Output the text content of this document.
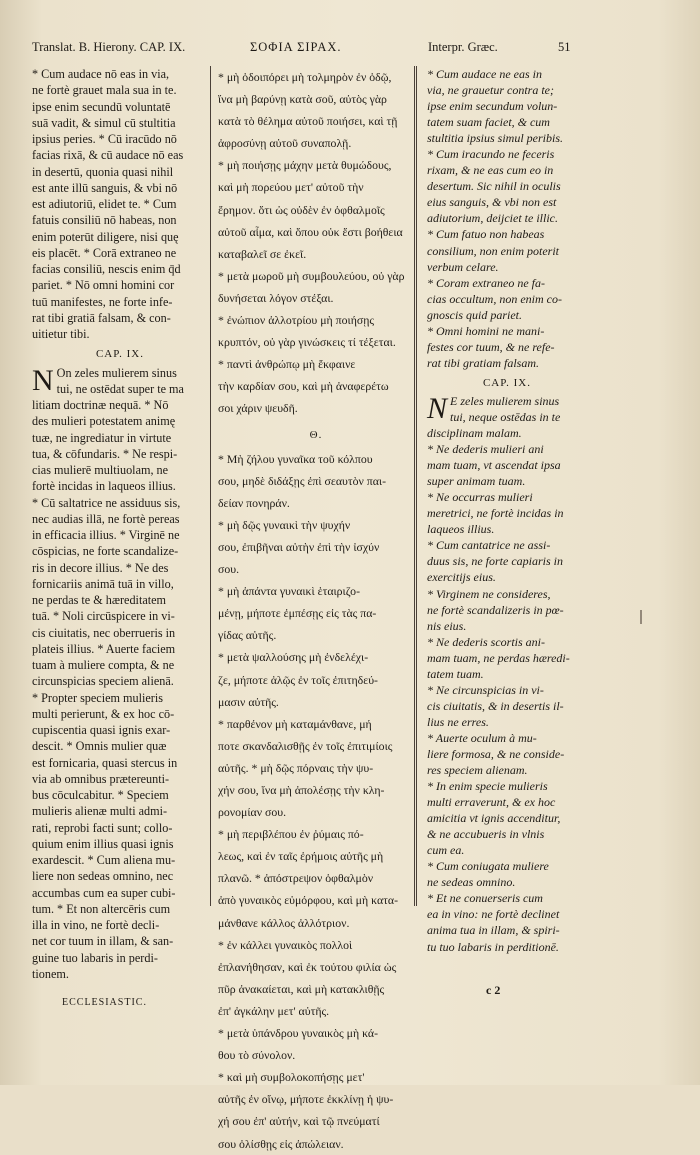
Translat. B. Hierony. CAP. IX.	ΣΟΦΙΑ ΣΙΡΑΧ.	Interpr. Græc.	51
* Cum audace nō eas in via,
ne fortè grauet mala sua in te.
ipse enim secundū voluntatē
suā vadit, & simul cū stultitia
ipsius peries. * Cū iracūdo nō
facias rixā, & cū audace nō eas
in desertū, quonia quasi nihil
est ante illū sanguis, & vbi nō
est adiutoriū, elidet te. * Cum
fatuis consiliū nō habeas, non
enim poterūt diligere, nisi quę
eis placēt. * Corā extraneo ne
facias consiliū, nescis enim q̄d
pariet. * Nō omni homini cor
tuū manifestes, ne forte infe-
rat tibi gratiā falsam, & con-
uitietur tibi.
CAP. IX.
N On zeles mulierem sinus
tui, ne ostēdat super te ma
litiam doctrinæ nequā. * Nō
des mulieri potestatem animę
tuæ, ne ingrediatur in virtute
tua, & cōfundaris. * Ne respi-
cias mulierē multiuolam, ne
fortè incidas in laqueos illius.
* Cū saltatrice ne assiduus sis,
nec audias illā, ne fortè pereas
in efficacia illius. * Virginē ne
cōspicias, ne forte scandalize-
ris in decore illius. * Ne des
fornicariis animā tuā in villo,
ne perdas te & hæreditatem
tuā. * Noli circūspicere in vi-
cis ciuitatis, nec oberrueris in
plateis illius. * Auerte faciem
tuam à muliere compta, & ne
circunspicias speciem alienā.
* Propter speciem mulieris
multi perierunt, & ex hoc cō-
cupiscentia quasi ignis exar-
descit. * Omnis mulier quæ
est fornicaria, quasi stercus in
via ab omnibus prætereunti-
bus cōculcabitur. * Speciem
mulieris alienæ multi admi-
rati, reprobi facti sunt; collo-
quium enim illius quasi ignis
exardescit. * Cum aliena mu-
liere non sedeas omnino, nec
accumbas cum ea super cubi-
tum. * Et non altercēris cum
illa in vino, ne fortè decli-
net cor tuum in illam, & san-
guine tuo labaris in perdi-
tionem.
* μὴ ὁδοιπόρει μὴ τολμηρὸν ἐν ὁδῷ,
ἵνα μὴ βαρύνῃ κατὰ σοῦ, αὐτὸς γὰρ
κατὰ τὸ θέλημα αὐτοῦ ποιήσει, καὶ τῇ
ἀφροσύνῃ αὐτοῦ συναπολῇ.
* μὴ ποιήσῃς μάχην μετὰ θυμώδους,
καὶ μὴ πορεύου μετ' αὐτοῦ τὴν
ἔρημον. ὅτι ὡς οὐδὲν ἐν ὀφθαλμοῖς
αὐτοῦ αἷμα, καὶ ὅπου οὐκ ἔστι βοήθεια
καταβαλεῖ σε ἐκεῖ.
* μετὰ μωροῦ μὴ συμβουλεύου, οὐ γὰρ
δυνήσεται λόγον στέξαι.
* ἐνώπιον ἀλλοτρίου μὴ ποιήσῃς
κρυπτόν, οὐ γὰρ γινώσκεις τί τέξεται.
* παντὶ ἀνθρώπῳ μὴ ἔκφαινε
τὴν καρδίαν σου, καὶ μὴ ἀναφερέτω
σοι χάριν ψευδῆ.
Θ.
* Μὴ ζήλου γυναῖκα τοῦ κόλπου
σου, μηδὲ διδάξῃς ἐπὶ σεαυτὸν παι-
δείαν πονηράν.
* μὴ δῷς γυναικὶ τὴν ψυχήν
σου, ἐπιβῆναι αὐτὴν ἐπὶ τὴν ἰσχύν
σου.
* μὴ ἀπάντα γυναικὶ ἑταιριζο-
μένῃ, μήποτε ἐμπέσῃς εἰς τὰς πα-
γίδας αὐτῆς.
* μετὰ ψαλλούσης μὴ ἐνδελέχι-
ζε, μήποτε ἁλῷς ἐν τοῖς ἐπιτηδεύ-
μασιν αὐτῆς.
* παρθένον μὴ καταμάνθανε, μή
ποτε σκανδαλισθῇς ἐν τοῖς ἐπιτιμίοις
αὐτῆς. * μὴ δῷς πόρναις τὴν ψυ-
χήν σου, ἵνα μὴ ἀπολέσῃς τὴν κλη-
ρονομίαν σου.
* μὴ περιβλέπου ἐν ῥύμαις πό-
λεως, καὶ ἐν ταῖς ἐρήμοις αὐτῆς μὴ
πλανῶ. * ἀπόστρεψον ὀφθαλμὸν
ἀπὸ γυναικὸς εὐμόρφου, καὶ μὴ κατα-
μάνθανε κάλλος ἀλλότριον.
* ἐν κάλλει γυναικὸς πολλοὶ
ἐπλανήθησαν, καὶ ἐκ τούτου φιλία ὡς
πῦρ ἀνακαίεται, καὶ μὴ κατακλιθῇς
ἐπ' ἀγκάλην μετ' αὐτῆς.
* μετὰ ὑπάνδρου γυναικὸς μὴ κά-
θου τὸ σύνολον.
* καὶ μὴ συμβολοκοπήσῃς μετ'
αὐτῆς ἐν οἴνῳ, μήποτε ἐκκλίνῃ ἡ ψυ-
χή σου ἐπ' αὐτήν, καὶ τῷ πνεύματί
σου ὀλίσθῃς εἰς ἀπώλειαν.
* Cum audace ne eas in
via, ne grauetur contra te;
ipse enim secundum volun-
tatem suam faciet, & cum
stultitia ipsius simul peribis.
* Cum iracundo ne feceris
rixam, & ne eas cum eo in
desertum. Sic nihil in oculis
eius sanguis, & vbi non est
adiutorium, deijciet te illic.
* Cum fatuo non habeas
consilium, non enim poterit
verbum celare.
* Coram extraneo ne fa-
cias occultum, non enim co-
gnoscis quid pariet.
* Omni homini ne mani-
festes cor tuum, & ne refe-
rat tibi gratiam falsam.
CAP. IX.
N E zeles mulierem sinus
tui, neque ostēdas in te
disciplinam malam.
* Ne dederis mulieri ani
mam tuam, vt ascendat ipsa
super animam tuam.
* Ne occurras mulieri
meretrici, ne fortè incidas in
laqueos illius.
* Cum cantatrice ne assi-
duus sis, ne forte capiaris in
exercitijs eius.
* Virginem ne consideres,
ne fortè scandalizeris in pœ-
nis eius.
* Ne dederis scortis ani-
mam tuam, ne perdas hæredi-
tatem tuam.
* Ne circunspicias in vi-
cis ciuitatis, & in desertis il-
lius ne erres.
* Auerte oculum à mu-
liere formosa, & ne conside-
res speciem alienam.
* In enim specie mulieris
multi erraverunt, & ex hoc
amicitia vt ignis accenditur,
& ne accubueris in vlnis
cum ea.
* Cum coniugata muliere
ne sedeas omnino.
* Et ne conuerseris cum
ea in vino: ne fortè declinet
anima tua in illam, & spiri-
tu tuo labaris in perditionē.
ECCLESIASTIC.
c 2
